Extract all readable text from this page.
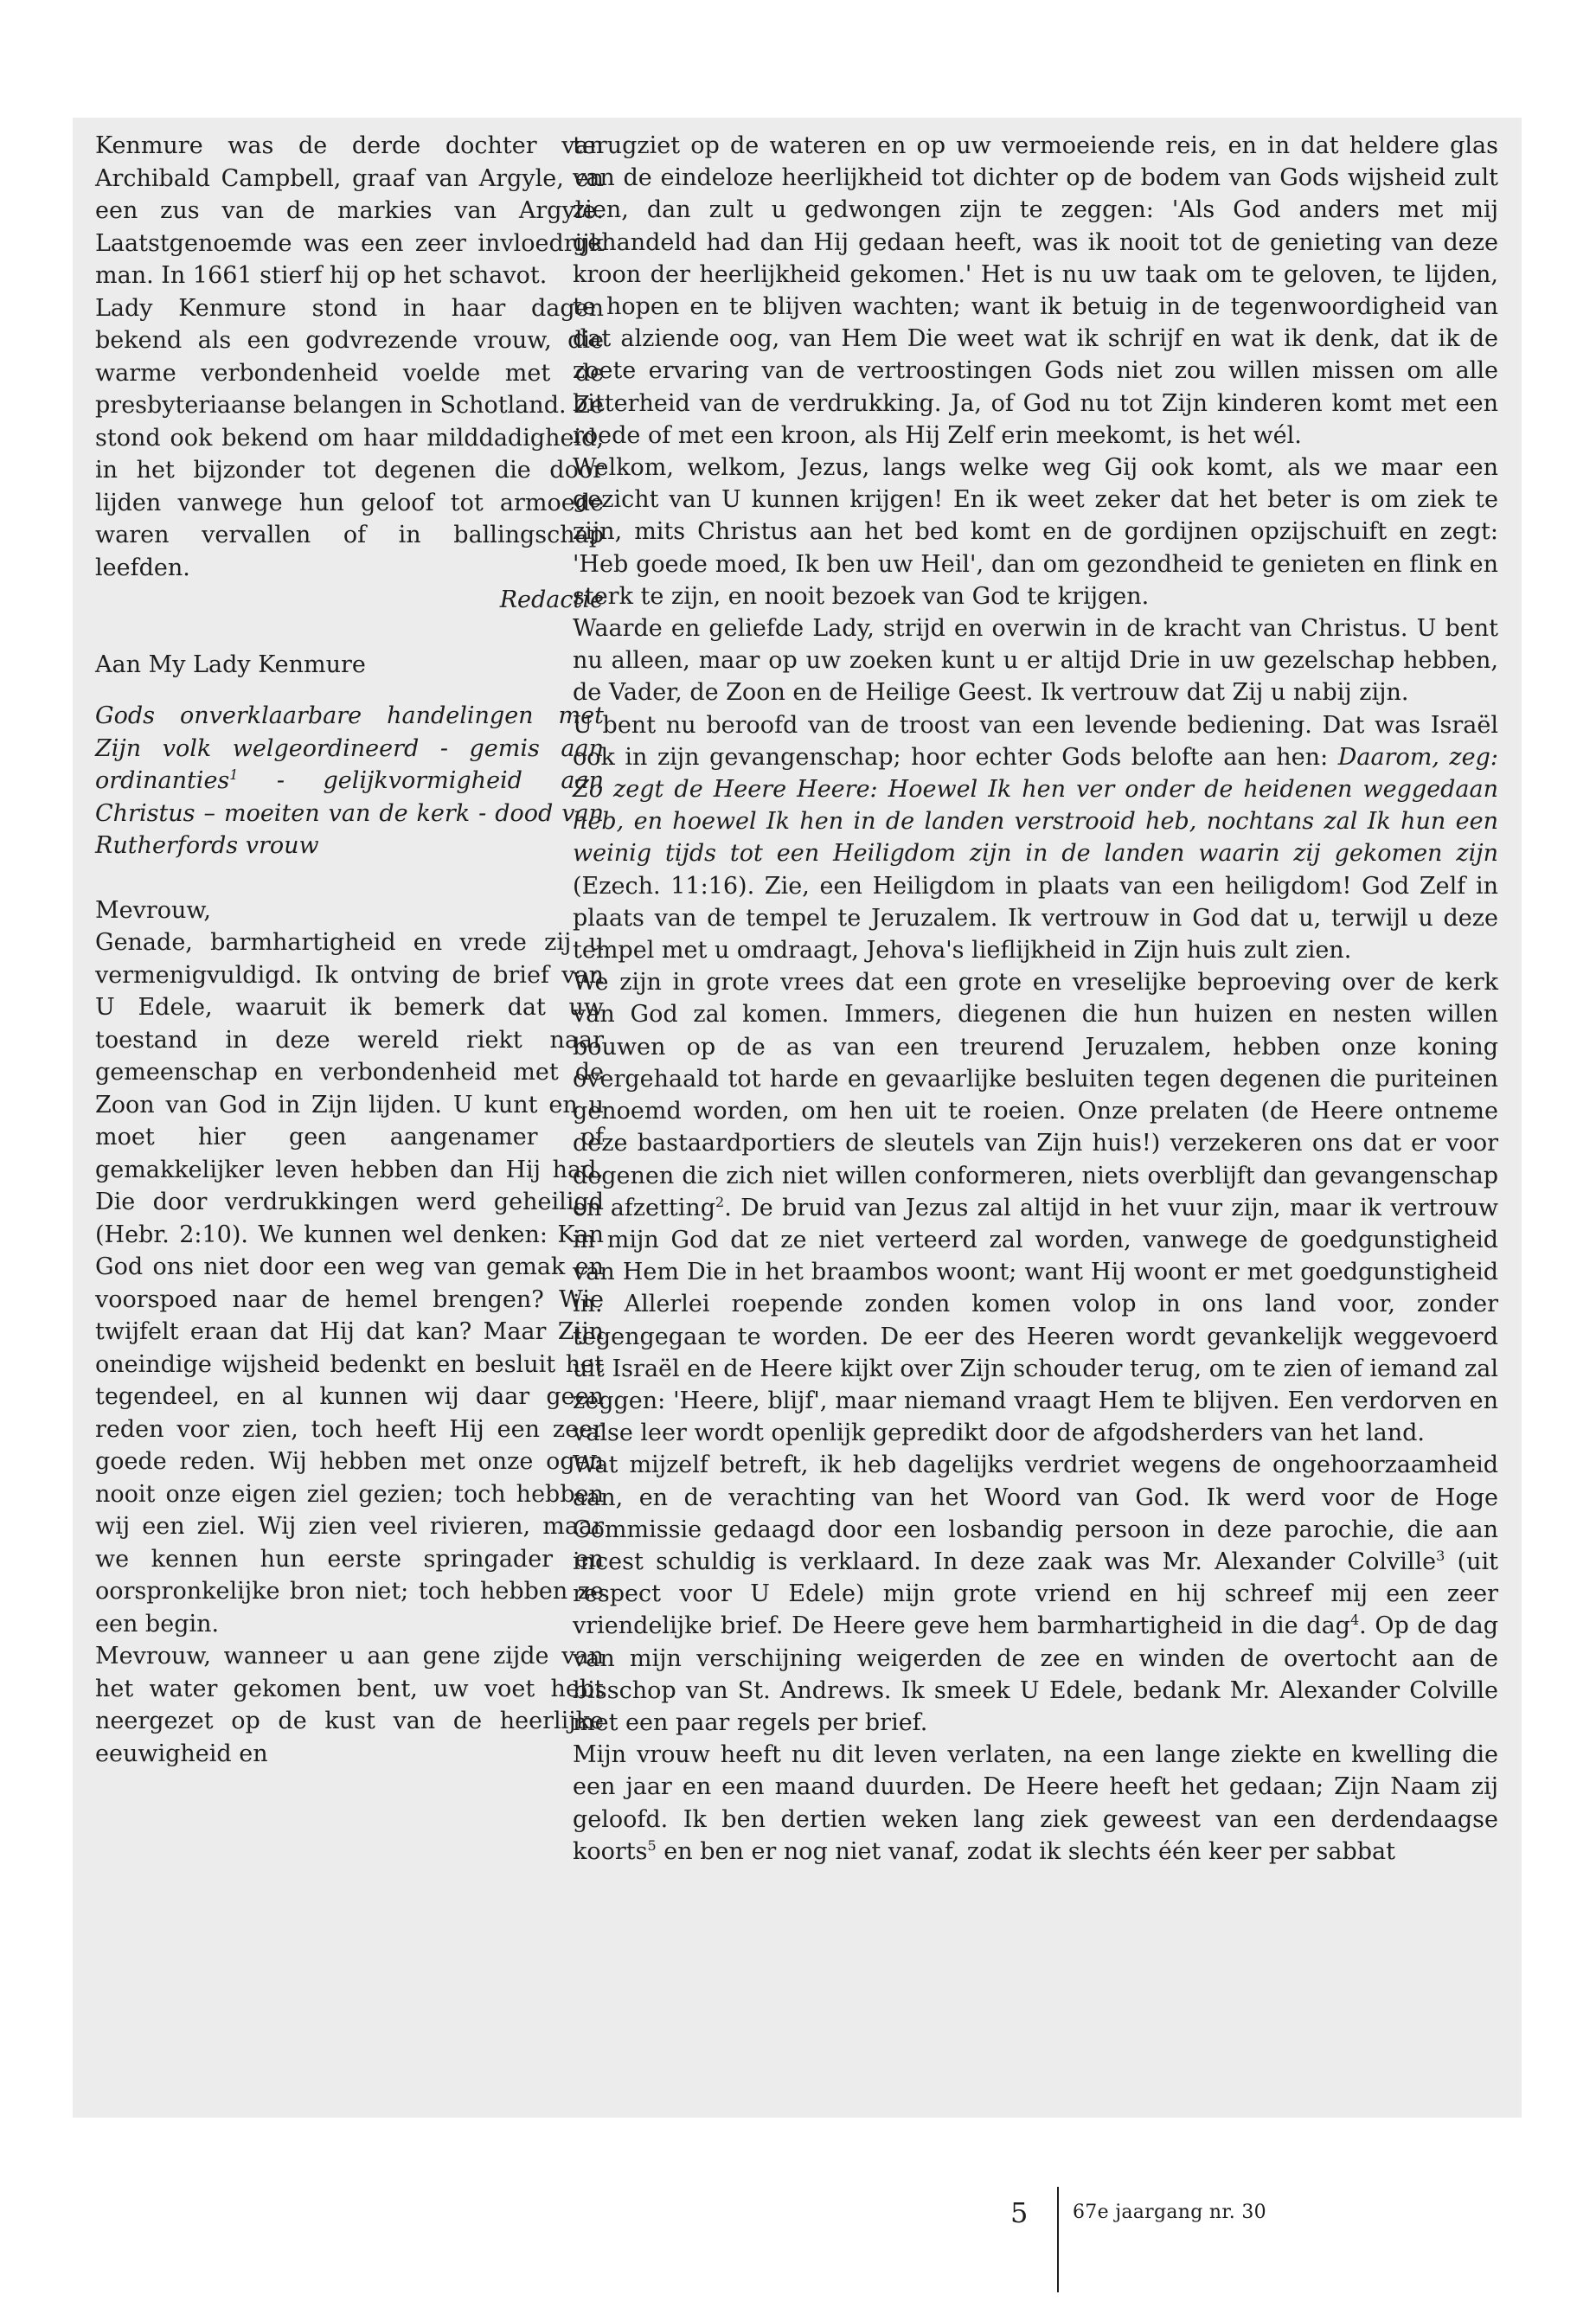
Kenmure was de derde dochter van Archibald Campbell, graaf van Argyle, en een zus van de markies van Argyle. Laatstgenoemde was een zeer invloedrijk man. In 1661 stierf hij op het schavot.

Lady Kenmure stond in haar dagen bekend als een godvrezende vrouw, die warme verbondenheid voelde met de presbyteriaanse belangen in Schotland. Ze stond ook bekend om haar milddadigheid, in het bijzonder tot degenen die door lijden vanwege hun geloof tot armoede waren vervallen of in ballingschap leefden.

Redactie

Aan My Lady Kenmure

Gods onverklaarbare handelingen met Zijn volk welgeordineerd - gemis aan ordinanties$^1$ - gelijkvormigheid aan Christus – moeiten van de kerk - dood van Rutherfords vrouw

Mevrouw,

Genade, barmhartigheid en vrede zij u vermenigvuldigd. Ik ontving de brief van U Edele, waaruit ik bemerk dat uw toestand in deze wereld riekt naar gemeenschap en verbondenheid met de Zoon van God in Zijn lijden. U kunt en u moet hier geen aangenamer of gemakkelijker leven hebben dan Hij had, Die door verdrukkingen werd geheiligd (Hebr. 2:10). We kunnen wel denken: Kan God ons niet door een weg van gemak en voorspoed naar de hemel brengen? Wie twijfelt eraan dat Hij dat kan? Maar Zijn oneindige wijsheid bedenkt en besluit het tegendeel, en al kunnen wij daar geen reden voor zien, toch heeft Hij een zeer goede reden. Wij hebben met onze ogen nooit onze eigen ziel gezien; toch hebben wij een ziel. Wij zien veel rivieren, maar we kennen hun eerste springader en oorspronkelijke bron niet; toch hebben ze een begin.

Mevrouw, wanneer u aan gene zijde van het water gekomen bent, uw voet hebt neergezet op de kust van de heerlijke eeuwigheid en

terugziet op de wateren en op uw vermoeiende reis, en in dat heldere glas van de eindeloze heerlijkheid tot dichter op de bodem van Gods wijsheid zult zien, dan zult u gedwongen zijn te zeggen: 'Als God anders met mij gehandeld had dan Hij gedaan heeft, was ik nooit tot de genieting van deze kroon der heerlijkheid gekomen.' Het is nu uw taak om te geloven, te lijden, te hopen en te blijven wachten; want ik betuig in de tegenwoordigheid van dat alziende oog, van Hem Die weet wat ik schrijf en wat ik denk, dat ik de zoete ervaring van de vertroostingen Gods niet zou willen missen om alle bitterheid van de verdrukking. Ja, of God nu tot Zijn kinderen komt met een roede of met een kroon, als Hij Zelf erin meekomt, is het wél.

Welkom, welkom, Jezus, langs welke weg Gij ook komt, als we maar een gezicht van U kunnen krijgen! En ik weet zeker dat het beter is om ziek te zijn, mits Christus aan het bed komt en de gordijnen opzijschuift en zegt: 'Heb goede moed, Ik ben uw Heil', dan om gezondheid te genieten en flink en sterk te zijn, en nooit bezoek van God te krijgen.

Waarde en geliefde Lady, strijd en overwin in de kracht van Christus. U bent nu alleen, maar op uw zoeken kunt u er altijd Drie in uw gezelschap hebben, de Vader, de Zoon en de Heilige Geest. Ik vertrouw dat Zij u nabij zijn.

U bent nu beroofd van de troost van een levende bediening. Dat was Israël ook in zijn gevangenschap; hoor echter Gods belofte aan hen: Daarom, zeg: Zo zegt de Heere Heere: Hoewel Ik hen ver onder de heidenen weggedaan heb, en hoewel Ik hen in de landen verstrooid heb, nochtans zal Ik hun een weinig tijds tot een Heiligdom zijn in de landen waarin zij gekomen zijn (Ezech. 11:16). Zie, een Heiligdom in plaats van een heiligdom! God Zelf in plaats van de tempel te Jeruzalem. Ik vertrouw in God dat u, terwijl u deze tempel met u omdraagt, Jehova's lieflijkheid in Zijn huis zult zien.

We zijn in grote vrees dat een grote en vreselijke beproeving over de kerk van God zal komen. Immers, diegenen die hun huizen en nesten willen bouwen op de as van een treurend Jeruzalem, hebben onze koning overgehaald tot harde en gevaarlijke besluiten tegen degenen die puriteinen genoemd worden, om hen uit te roeien. Onze prelaten (de Heere ontneme deze bastaardportiers de sleutels van Zijn huis!) verzekeren ons dat er voor degenen die zich niet willen conformeren, niets overblijft dan gevangenschap en afzetting$^2$. De bruid van Jezus zal altijd in het vuur zijn, maar ik vertrouw in mijn God dat ze niet verteerd zal worden, vanwege de goedgunstigheid van Hem Die in het braambos woont; want Hij woont er met goedgunstigheid in. Allerlei roepende zonden komen volop in ons land voor, zonder tegengegaan te worden. De eer des Heeren wordt gevankelijk weggevoerd uit Israël en de Heere kijkt over Zijn schouder terug, om te zien of iemand zal zeggen: 'Heere, blijf', maar niemand vraagt Hem te blijven. Een verdorven en valse leer wordt openlijk gepredikt door de afgodsherders van het land.

Wat mijzelf betreft, ik heb dagelijks verdriet wegens de ongehoorzaamheid aan, en de verachting van het Woord van God. Ik werd voor de Hoge Commissie gedaagd door een losbandig persoon in deze parochie, die aan incest schuldig is verklaard. In deze zaak was Mr. Alexander Colville$^3$ (uit respect voor U Edele) mijn grote vriend en hij schreef mij een zeer vriendelijke brief. De Heere geve hem barmhartigheid in die dag$^4$. Op de dag van mijn verschijning weigerden de zee en winden de overtocht aan de bisschop van St. Andrews. Ik smeek U Edele, bedank Mr. Alexander Colville met een paar regels per brief.

Mijn vrouw heeft nu dit leven verlaten, na een lange ziekte en kwelling die een jaar en een maand duurden. De Heere heeft het gedaan; Zijn Naam zij geloofd. Ik ben dertien weken lang ziek geweest van een derdendaagse koorts$^5$ en ben er nog niet vanaf, zodat ik slechts één keer per sabbat

5 67e jaargang nr. 30
